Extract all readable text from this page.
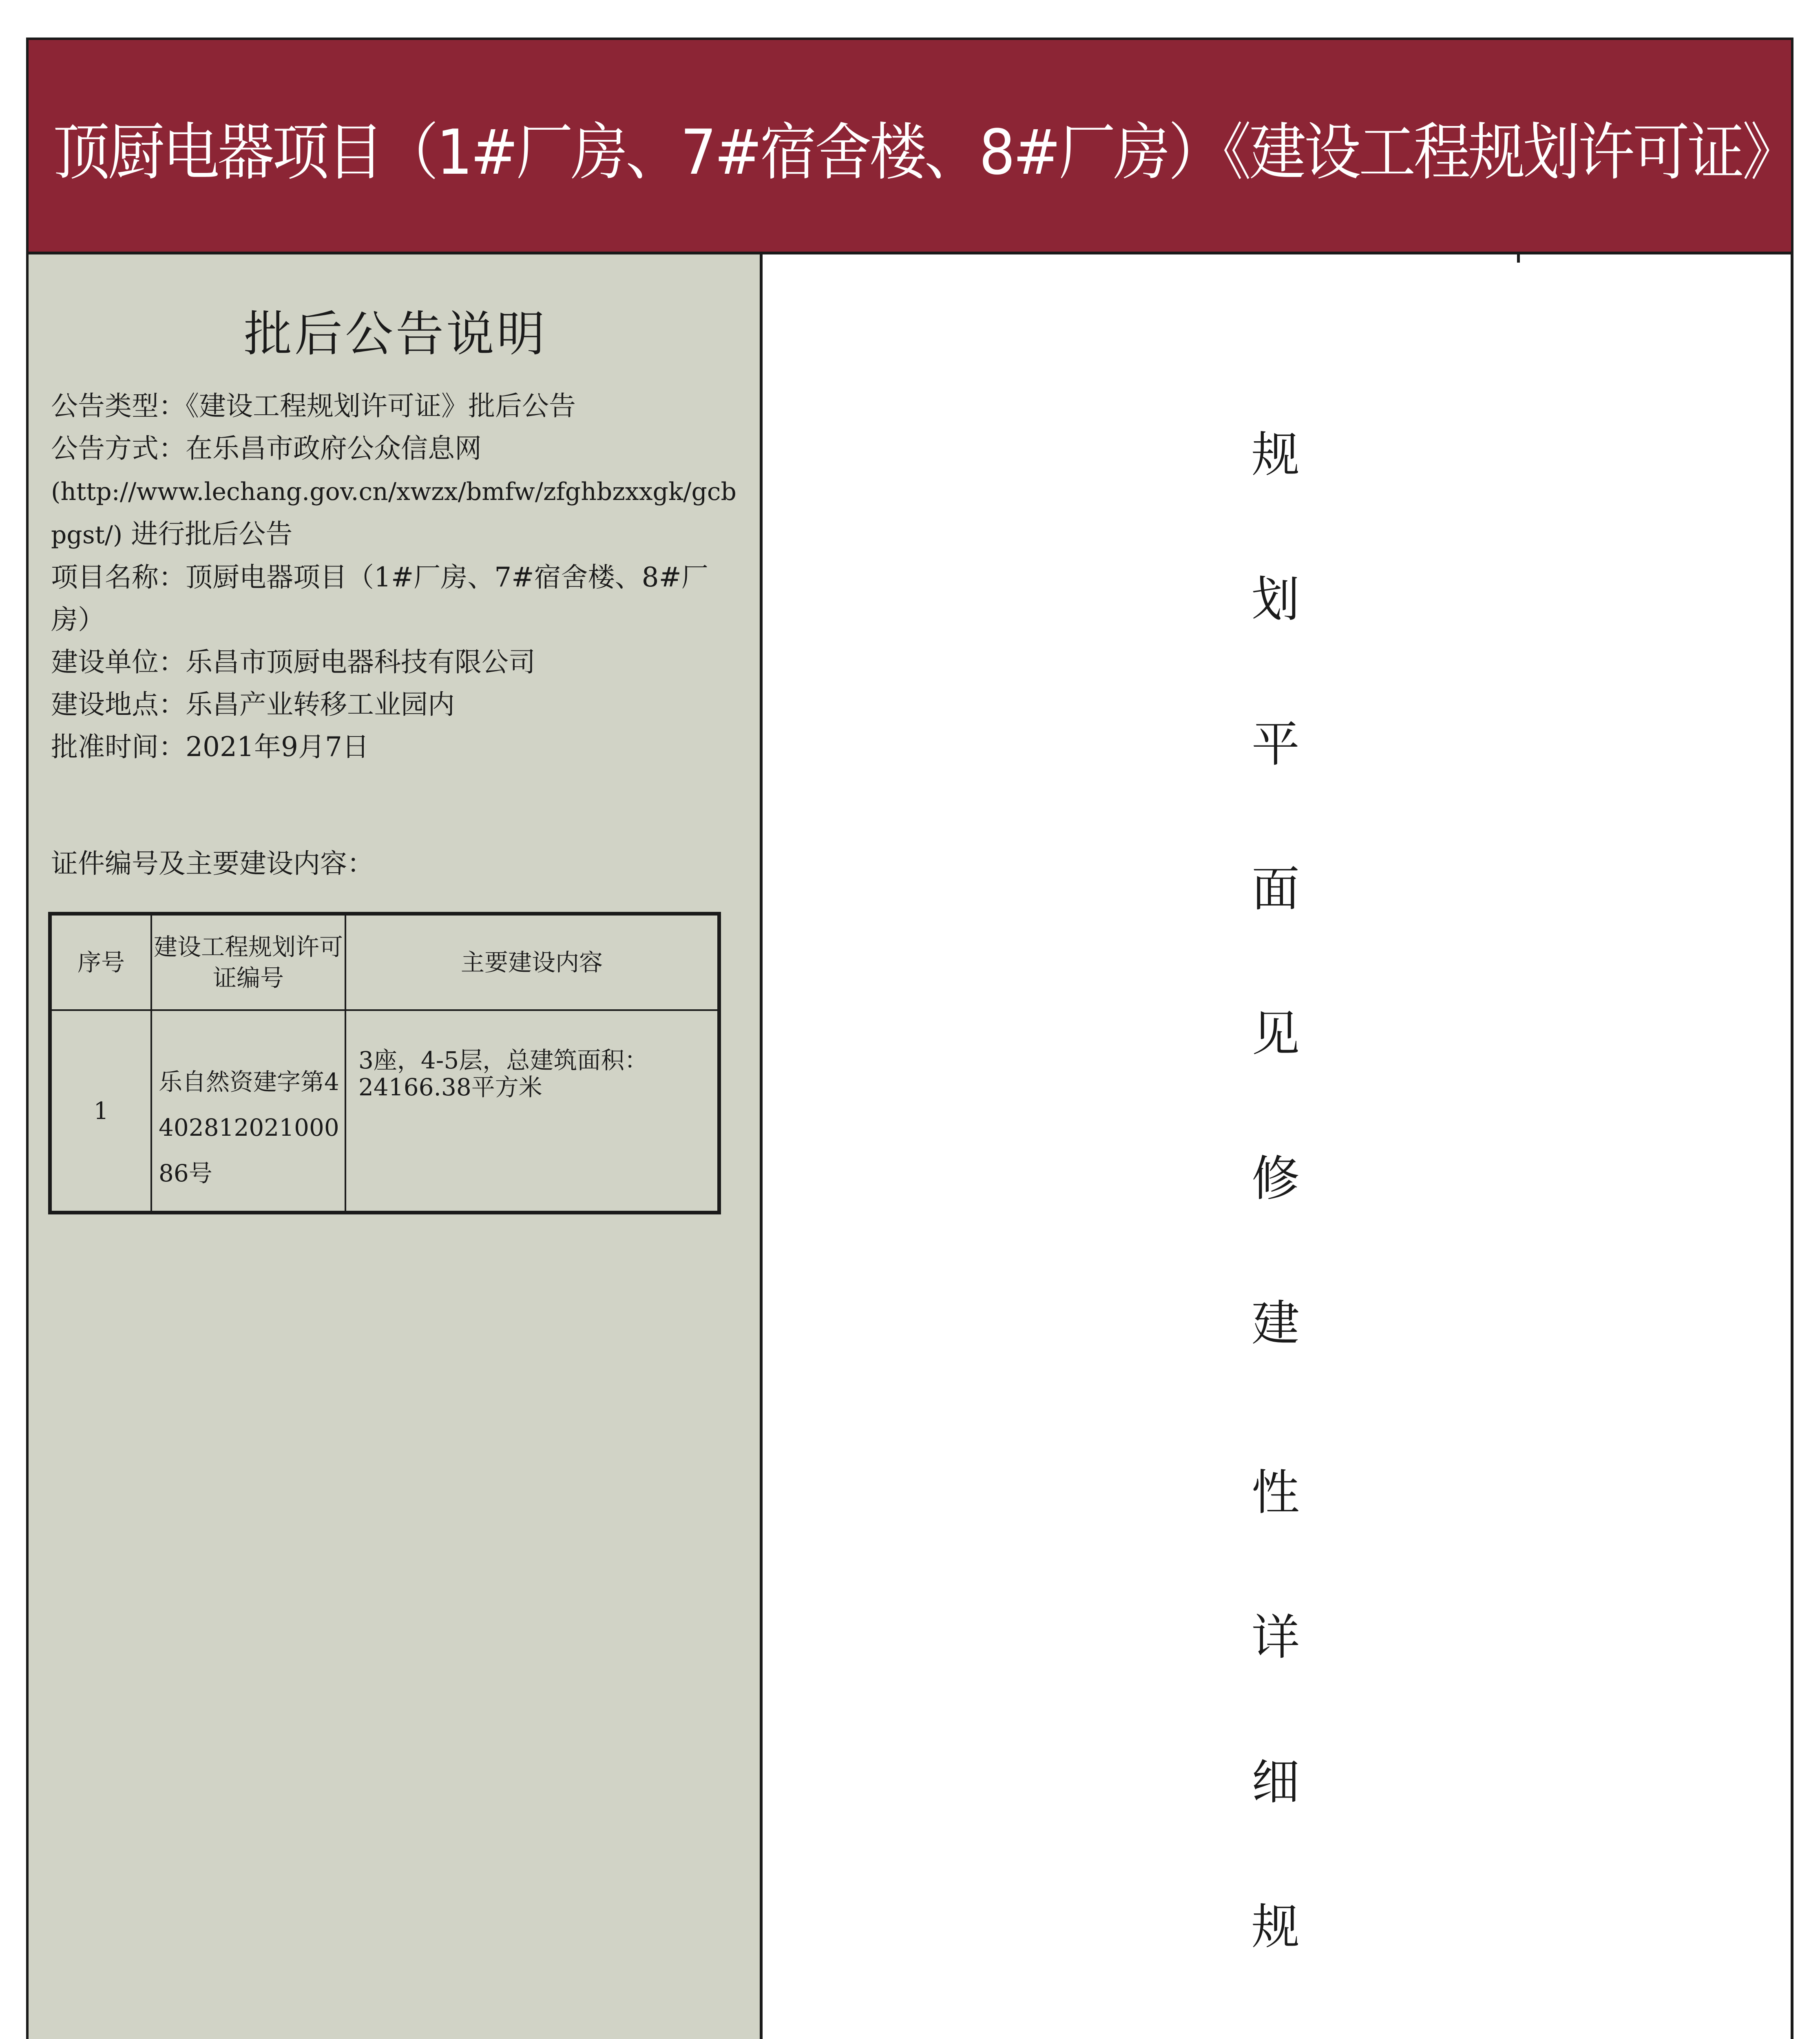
顶厨电器项目（1#厂房、7#宿舍楼、8#厂房）《建设工程规划许可证》
批后公告说明
公告类型：《建设工程规划许可证》批后公告
公告方式：在乐昌市政府公众信息网
(http://www.lechang.gov.cn/xwzx/bmfw/zfghbzxxgk/gcbpgst/) 进行批后公告
项目名称：顶厨电器项目（1#厂房、7#宿舍楼、8#厂房）
建设单位：乐昌市顶厨电器科技有限公司
建设地点：乐昌产业转移工业园内
批准时间：2021年9月7日
证件编号及主要建设内容：
序号	建设工程规划许可证编号	主要建设内容
1	乐自然资建字第440281202100086号	3座，4-5层，总建筑面积：24166.38平方米
规
划
平
面
见
修
建
性
详
细
规
